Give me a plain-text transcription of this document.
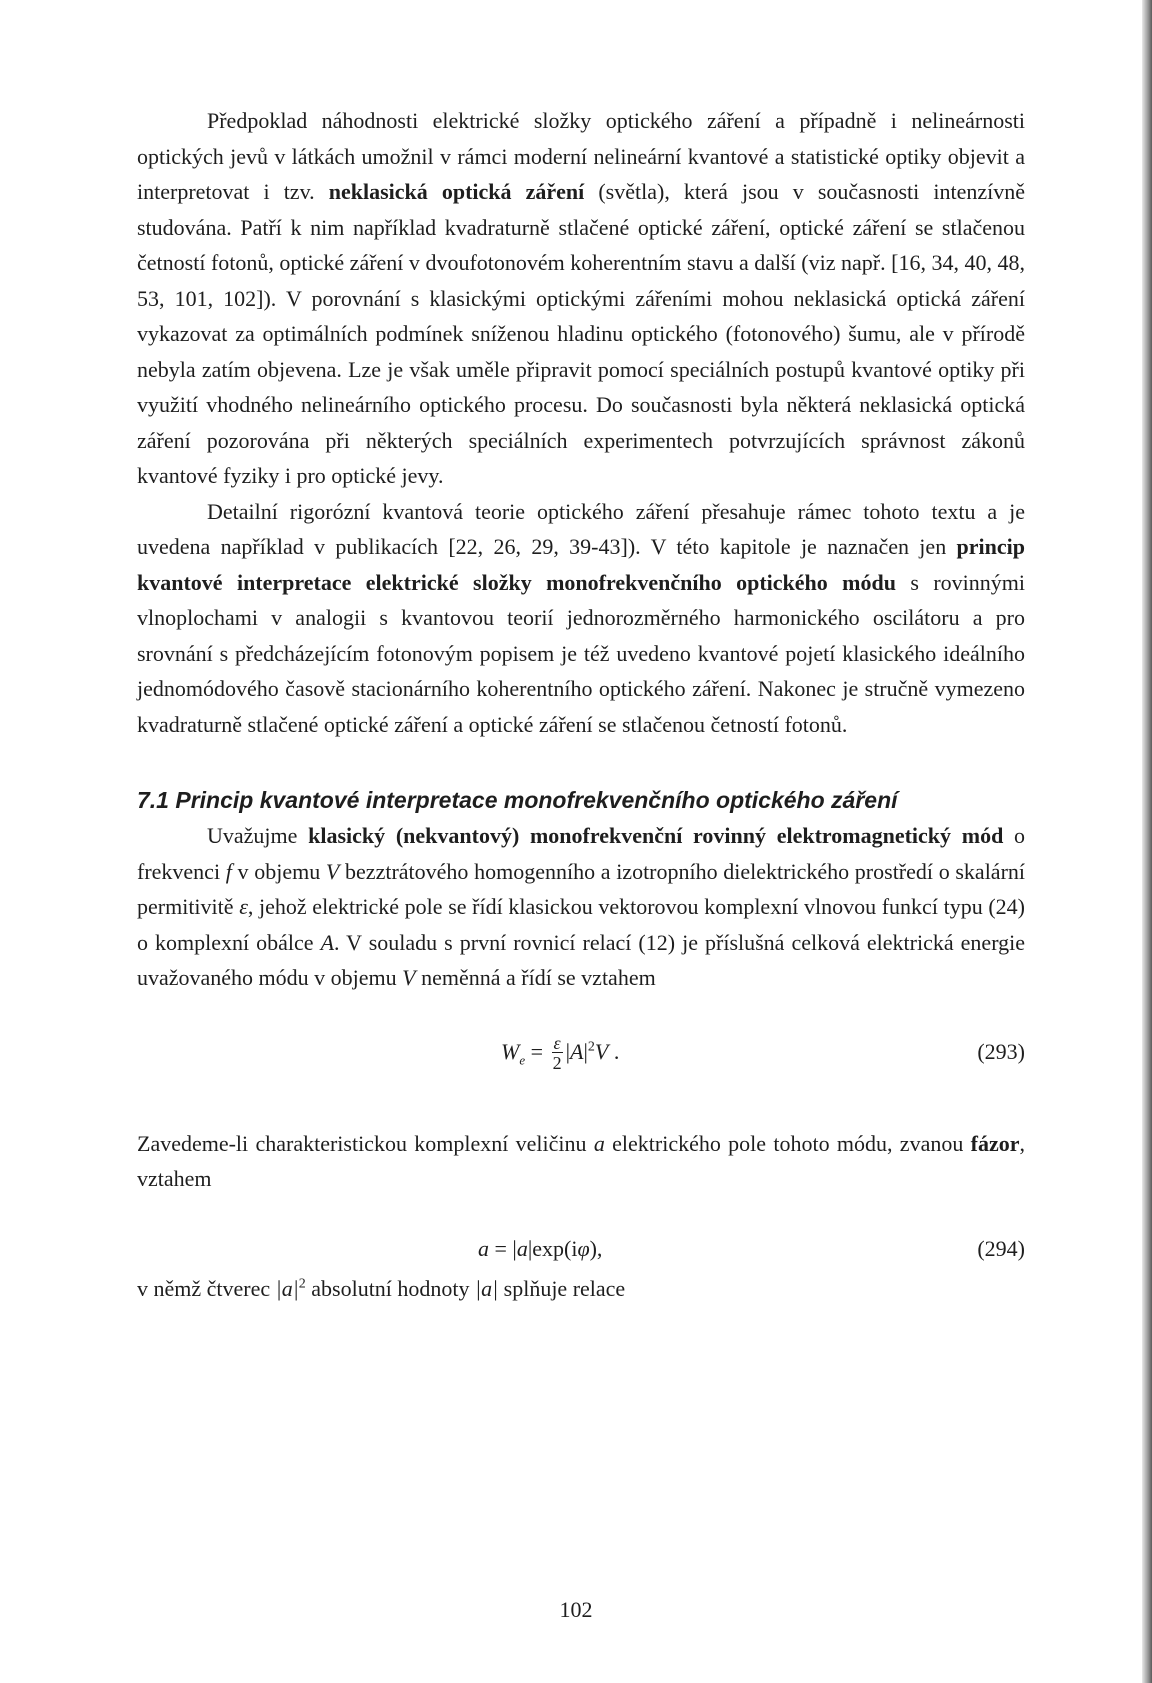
Předpoklad náhodnosti elektrické složky optického záření a případně i nelineárnosti optických jevů v látkách umožnil v rámci moderní nelineární kvantové a statistické optiky objevit a interpretovat i tzv. neklasická optická záření (světla), která jsou v současnosti intenzívně studována. Patří k nim například kvadraturně stlačené optické záření, optické záření se stlačenou četností fotonů, optické záření v dvoufotonovém koherentním stavu a další (viz např. [16, 34, 40, 48, 53, 101, 102]). V porovnání s klasickými optickými zářeními mohou neklasická optická záření vykazovat za optimálních podmínek sníženou hladinu optického (fotonového) šumu, ale v přírodě nebyla zatím objevena. Lze je však uměle připravit pomocí speciálních postupů kvantové optiky při využití vhodného nelineárního optického procesu. Do současnosti byla některá neklasická optická záření pozorována při některých speciálních experimentech potvrzujících správnost zákonů kvantové fyziky i pro optické jevy.

Detailní rigorózní kvantová teorie optického záření přesahuje rámec tohoto textu a je uvedena například v publikacích [22, 26, 29, 39-43]). V této kapitole je naznačen jen princip kvantové interpretace elektrické složky monofrekvenčního optického módu s rovinnými vlnoplochami v analogii s kvantovou teorií jednorozměrného harmonického oscilátoru a pro srovnání s předcházejícím fotonovým popisem je též uvedeno kvantové pojetí klasického ideálního jednomódového časově stacionárního koherentního optického záření. Nakonec je stručně vymezeno kvadraturně stlačené optické záření a optické záření se stlačenou četností fotonů.

7.1 Princip kvantové interpretace monofrekvenčního optického záření

Uvažujme klasický (nekvantový) monofrekvenční rovinný elektromagnetický mód o frekvenci f v objemu V bezztrátového homogenního a izotropního dielektrického prostředí o skalární permitivitě ε, jehož elektrické pole se řídí klasickou vektorovou komplexní vlnovou funkcí typu (24) o komplexní obálce A. V souladu s první rovnicí relací (12) je příslušná celková elektrická energie uvažovaného módu v objemu V neměnná a řídí se vztahem

$W_e = \frac{\varepsilon}{2} |A|^2V$ .	(293)

Zavedeme-li charakteristickou komplexní veličinu a elektrického pole tohoto módu, zvanou fázor, vztahem

a = |a|exp(iφ),	(294)

v němž čtverec $|a|^2$ absolutní hodnoty |a| splňuje relace

102
